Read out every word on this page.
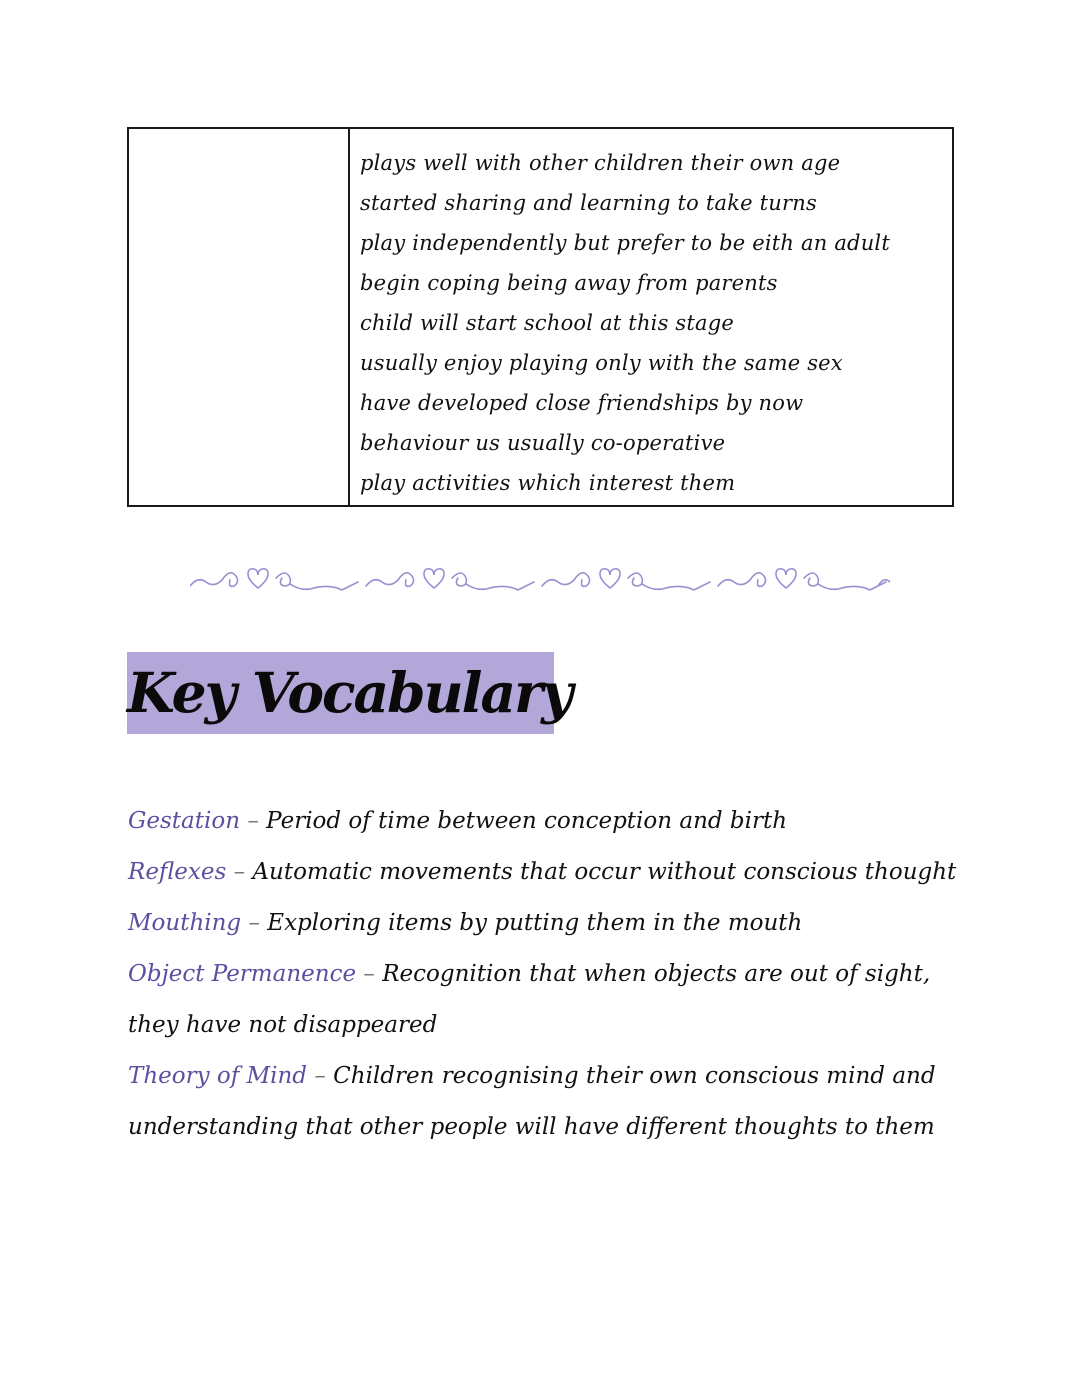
plays well with other children their own age
started sharing and learning to take turns
play independently but prefer to be eith an adult
begin coping being away from parents
child will start school at this stage
usually enjoy playing only with the same sex
have developed close friendships by now
behaviour us usually co-operative
play activities which interest them
Key Vocabulary

Gestation – Period of time between conception and birth

Reflexes – Automatic movements that occur without conscious thought

Mouthing – Exploring items by putting them in the mouth

Object Permanence – Recognition that when objects are out of sight, they have not disappeared

Theory of Mind – Children recognising their own conscious mind and understanding that other people will have different thoughts to them
